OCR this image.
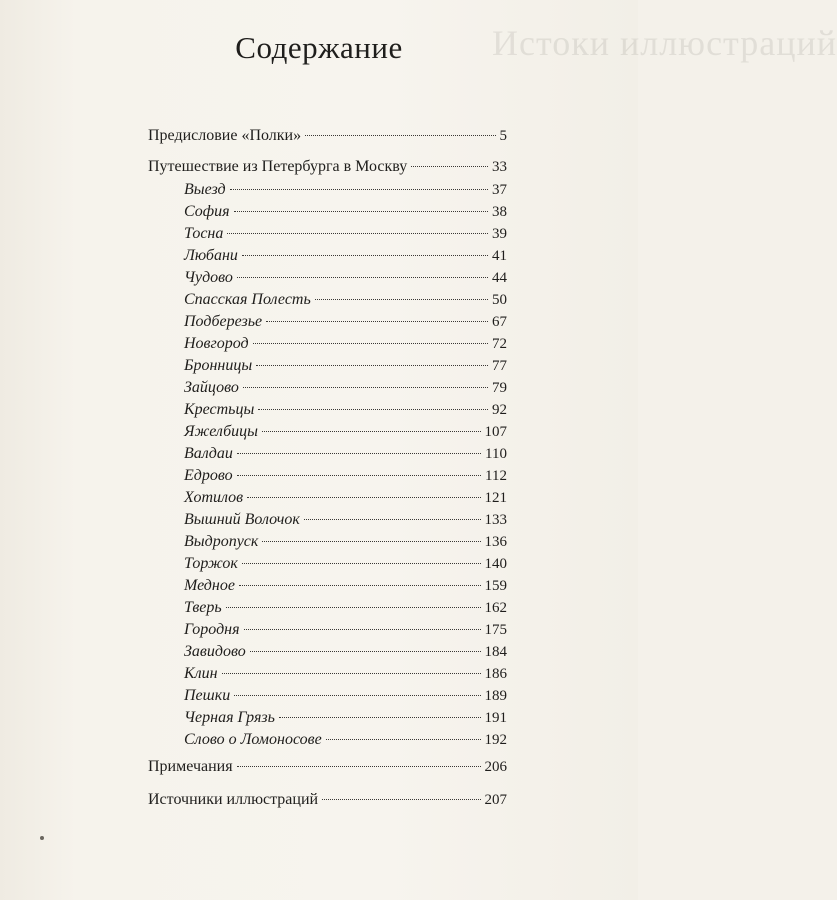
Истоки иллюстраций
Содержание
Предисловие «Полки»	5
Путешествие из Петербурга в Москву	33
Выезд	37
София	38
Тосна	39
Любани	41
Чудово	44
Спасская Полесть	50
Подберезье	67
Новгород	72
Бронницы	77
Зайцово	79
Крестьцы	92
Яжелбицы	107
Валдаи	110
Едрово	112
Хотилов	121
Вышний Волочок	133
Выдропуск	136
Торжок	140
Медное	159
Тверь	162
Городня	175
Завидово	184
Клин	186
Пешки	189
Черная Грязь	191
Слово о Ломоносове	192
Примечания	206
Источники иллюстраций	207
